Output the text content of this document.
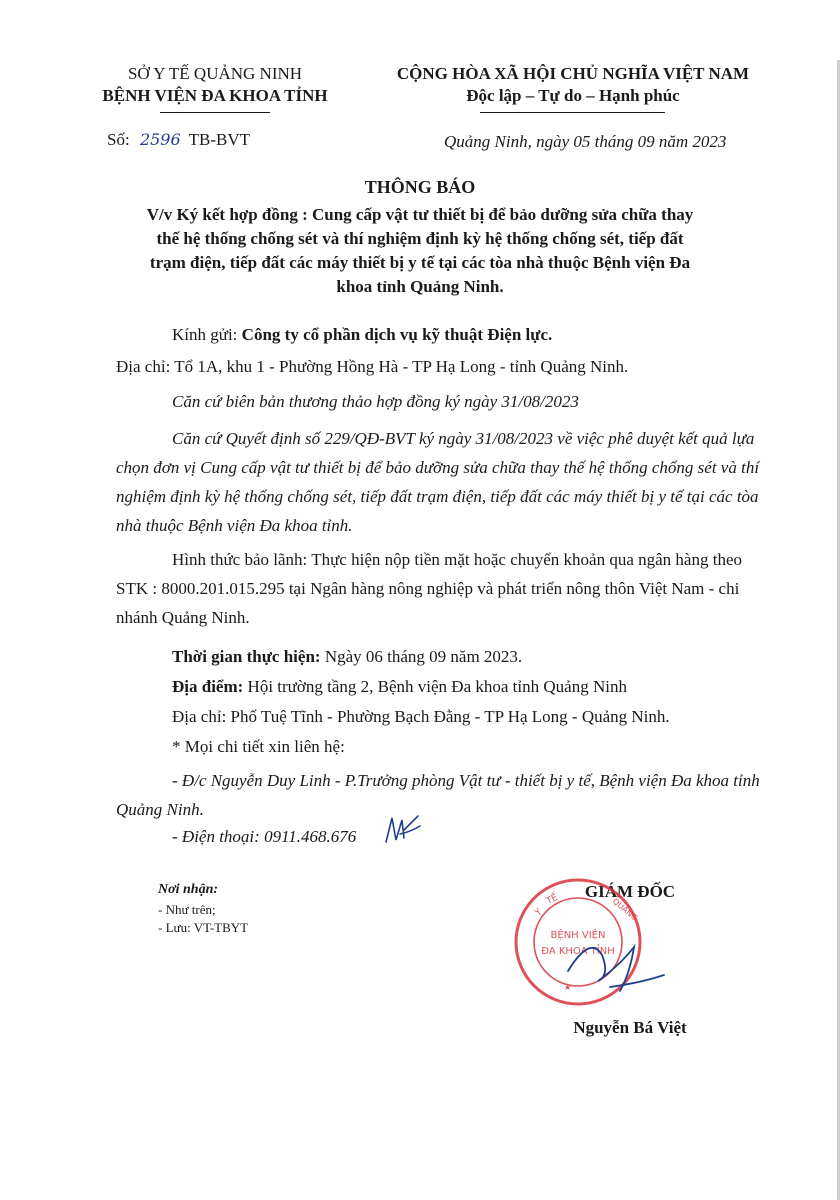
SỞ Y TẾ QUẢNG NINH
BỆNH VIỆN ĐA KHOA TỈNH
CỘNG HÒA XÃ HỘI CHỦ NGHĨA VIỆT NAM
Độc lập – Tự do – Hạnh phúc
Số: 2596 TB-BVT	Quảng Ninh, ngày 05 tháng 09 năm 2023
THÔNG BÁO
V/v Ký kết hợp đồng : Cung cấp vật tư thiết bị để bảo dưỡng sửa chữa thay
thế hệ thống chống sét và thí nghiệm định kỳ hệ thống chống sét, tiếp đất
trạm điện, tiếp đất các máy thiết bị y tế tại các tòa nhà thuộc Bệnh viện Đa
khoa tỉnh Quảng Ninh.
Kính gửi: Công ty cổ phần dịch vụ kỹ thuật Điện lực.
Địa chỉ: Tổ 1A, khu 1 - Phường Hồng Hà - TP Hạ Long - tỉnh Quảng Ninh.
Căn cứ biên bản thương thảo hợp đồng ký ngày 31/08/2023
Căn cứ Quyết định số 229/QĐ-BVT ký ngày 31/08/2023 về việc phê duyệt kết quả lựa chọn đơn vị Cung cấp vật tư thiết bị để bảo dưỡng sửa chữa thay thế hệ thống chống sét và thí nghiệm định kỳ hệ thống chống sét, tiếp đất trạm điện, tiếp đất các máy thiết bị y tế tại các tòa nhà thuộc Bệnh viện Đa khoa tỉnh.
Hình thức bảo lãnh: Thực hiện nộp tiền mặt hoặc chuyển khoản qua ngân hàng theo STK : 8000.201.015.295 tại Ngân hàng nông nghiệp và phát triển nông thôn Việt Nam - chi nhánh Quảng Ninh.
Thời gian thực hiện: Ngày 06 tháng 09 năm 2023.
Địa điểm: Hội trường tầng 2, Bệnh viện Đa khoa tỉnh Quảng Ninh
Địa chỉ: Phố Tuệ Tĩnh - Phường Bạch Đằng - TP Hạ Long - Quảng Ninh.
* Mọi chi tiết xin liên hệ:
- Đ/c Nguyễn Duy Linh - P.Trưởng phòng Vật tư - thiết bị y tế, Bệnh viện Đa khoa tỉnh Quảng Ninh.
- Điện thoại: 0911.468.676
Nơi nhận:
- Như trên;
- Lưu: VT-TBYT
GIÁM ĐỐC
Y
TẾ	QUẢNG
BỆNH VIỆN
ĐA KHOA TỈNH
★
Nguyễn Bá Việt
